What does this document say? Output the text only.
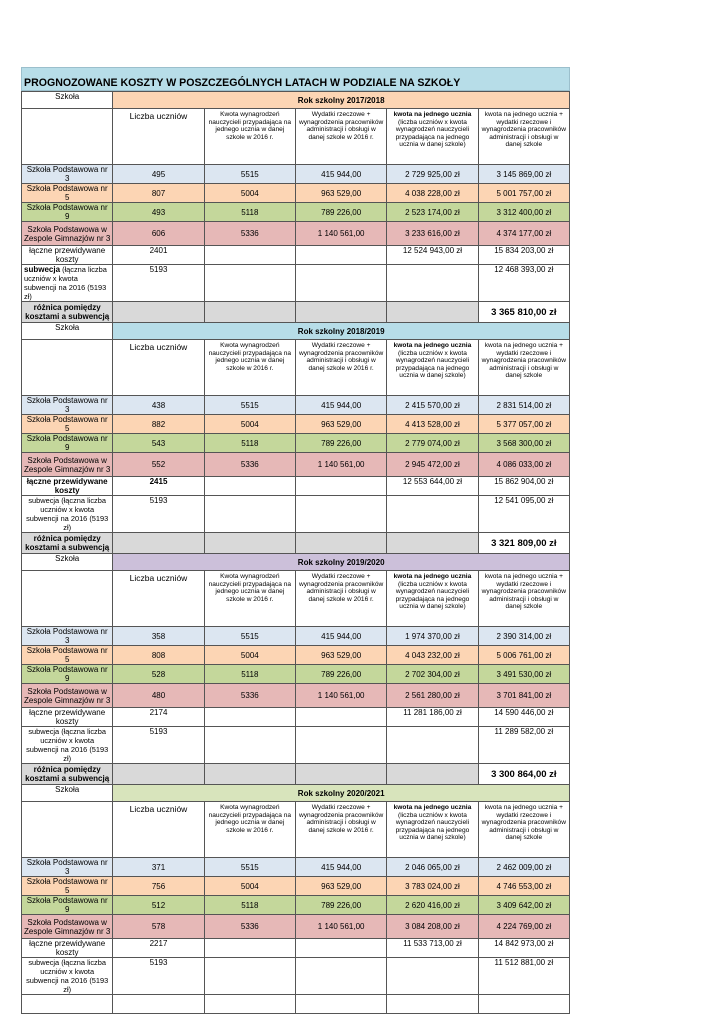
PROGNOZOWANE KOSZTY W POSZCZEGÓLNYCH LATACH W PODZIALE NA SZKOŁY
Szkoła	Rok szkolny 2017/2018				
	Liczba uczniów	Kwota wynagrodzeń nauczycieli przypadająca na jednego ucznia w danej szkole w 2016 r.	Wydatki rzeczowe + wynagrodzenia pracowników administracji i obsługi w danej szkole w 2016 r.	kwota na jednego ucznia
(liczba uczniów x kwota wynagrodzeń nauczycieli przypadająca na jednego ucznia w danej szkole)	kwota na jednego ucznia + wydatki rzeczowe i wynagrodzenia pracowników administracji i obsługi w danej szkole
Szkoła Podstawowa nr 3	495	5515	415 944,00	2 729 925,00 zł	3 145 869,00 zł
Szkoła Podstawowa nr 5	807	5004	963 529,00	4 038 228,00 zł	5 001 757,00 zł
Szkoła Podstawowa nr 9	493	5118	789 226,00	2 523 174,00 zł	3 312 400,00 zł
Szkoła Podstawowa w Zespole Gimnazjów nr 3	606	5336	1 140 561,00	3 233 616,00 zł	4 374 177,00 zł
łączne przewidywane koszty	2401			12 524 943,00 zł	15 834 203,00 zł
subwecja (łączna liczba uczniów x kwota subwencji na 2016 (5193 zł)	5193				12 468 393,00 zł
różnica pomiędzy kosztami a subwencją					3 365 810,00 zł
Szkoła	Rok szkolny 2018/2019				
	Liczba uczniów	Kwota wynagrodzeń nauczycieli przypadająca na jednego ucznia w danej szkole w 2016 r.	Wydatki rzeczowe + wynagrodzenia pracowników administracji i obsługi w danej szkole w 2016 r.	kwota na jednego ucznia
(liczba uczniów x kwota wynagrodzeń nauczycieli przypadająca na jednego ucznia w danej szkole)	kwota na jednego ucznia + wydatki rzeczowe i wynagrodzenia pracowników administracji i obsługi w danej szkole
Szkoła Podstawowa nr 3	438	5515	415 944,00	2 415 570,00 zł	2 831 514,00 zł
Szkoła Podstawowa nr 5	882	5004	963 529,00	4 413 528,00 zł	5 377 057,00 zł
Szkoła Podstawowa nr 9	543	5118	789 226,00	2 779 074,00 zł	3 568 300,00 zł
Szkoła Podstawowa w Zespole Gimnazjów nr 3	552	5336	1 140 561,00	2 945 472,00 zł	4 086 033,00 zł
łączne przewidywane koszty	2415			12 553 644,00 zł	15 862 904,00 zł
subwecja (łączna liczba uczniów x kwota subwencji na 2016 (5193 zł)	5193				12 541 095,00 zł
różnica pomiędzy kosztami a subwencją					3 321 809,00 zł
Szkoła	Rok szkolny 2019/2020				
	Liczba uczniów	Kwota wynagrodzeń nauczycieli przypadająca na jednego ucznia w danej szkole w 2016 r.	Wydatki rzeczowe + wynagrodzenia pracowników administracji i obsługi w danej szkole w 2016 r.	kwota na jednego ucznia
(liczba uczniów x kwota wynagrodzeń nauczycieli przypadająca na jednego ucznia w danej szkole)	kwota na jednego ucznia + wydatki rzeczowe i wynagrodzenia pracowników administracji i obsługi w danej szkole
Szkoła Podstawowa nr 3	358	5515	415 944,00	1 974 370,00 zł	2 390 314,00 zł
Szkoła Podstawowa nr 5	808	5004	963 529,00	4 043 232,00 zł	5 006 761,00 zł
Szkoła Podstawowa nr 9	528	5118	789 226,00	2 702 304,00 zł	3 491 530,00 zł
Szkoła Podstawowa w Zespole Gimnazjów nr 3	480	5336	1 140 561,00	2 561 280,00 zł	3 701 841,00 zł
łączne przewidywane koszty	2174			11 281 186,00 zł	14 590 446,00 zł
subwecja (łączna liczba uczniów x kwota subwencji na 2016 (5193 zł)	5193				11 289 582,00 zł
różnica pomiędzy kosztami a subwencją					3 300 864,00 zł
Szkoła	Rok szkolny 2020/2021				
	Liczba uczniów	Kwota wynagrodzeń nauczycieli przypadająca na jednego ucznia w danej szkole w 2016 r.	Wydatki rzeczowe + wynagrodzenia pracowników administracji i obsługi w danej szkole w 2016 r.	kwota na jednego ucznia
(liczba uczniów x kwota wynagrodzeń nauczycieli przypadająca na jednego ucznia w danej szkole)	kwota na jednego ucznia + wydatki rzeczowe i wynagrodzenia pracowników administracji i obsługi w danej szkole
Szkoła Podstawowa nr 3	371	5515	415 944,00	2 046 065,00 zł	2 462 009,00 zł
Szkoła Podstawowa nr 5	756	5004	963 529,00	3 783 024,00 zł	4 746 553,00 zł
Szkoła Podstawowa nr 9	512	5118	789 226,00	2 620 416,00 zł	3 409 642,00 zł
Szkoła Podstawowa w Zespole Gimnazjów nr 3	578	5336	1 140 561,00	3 084 208,00 zł	4 224 769,00 zł
łączne przewidywane koszty	2217			11 533 713,00 zł	14 842 973,00 zł
subwecja (łączna liczba uczniów x kwota subwencji na 2016 (5193 zł)	5193				11 512 881,00 zł
